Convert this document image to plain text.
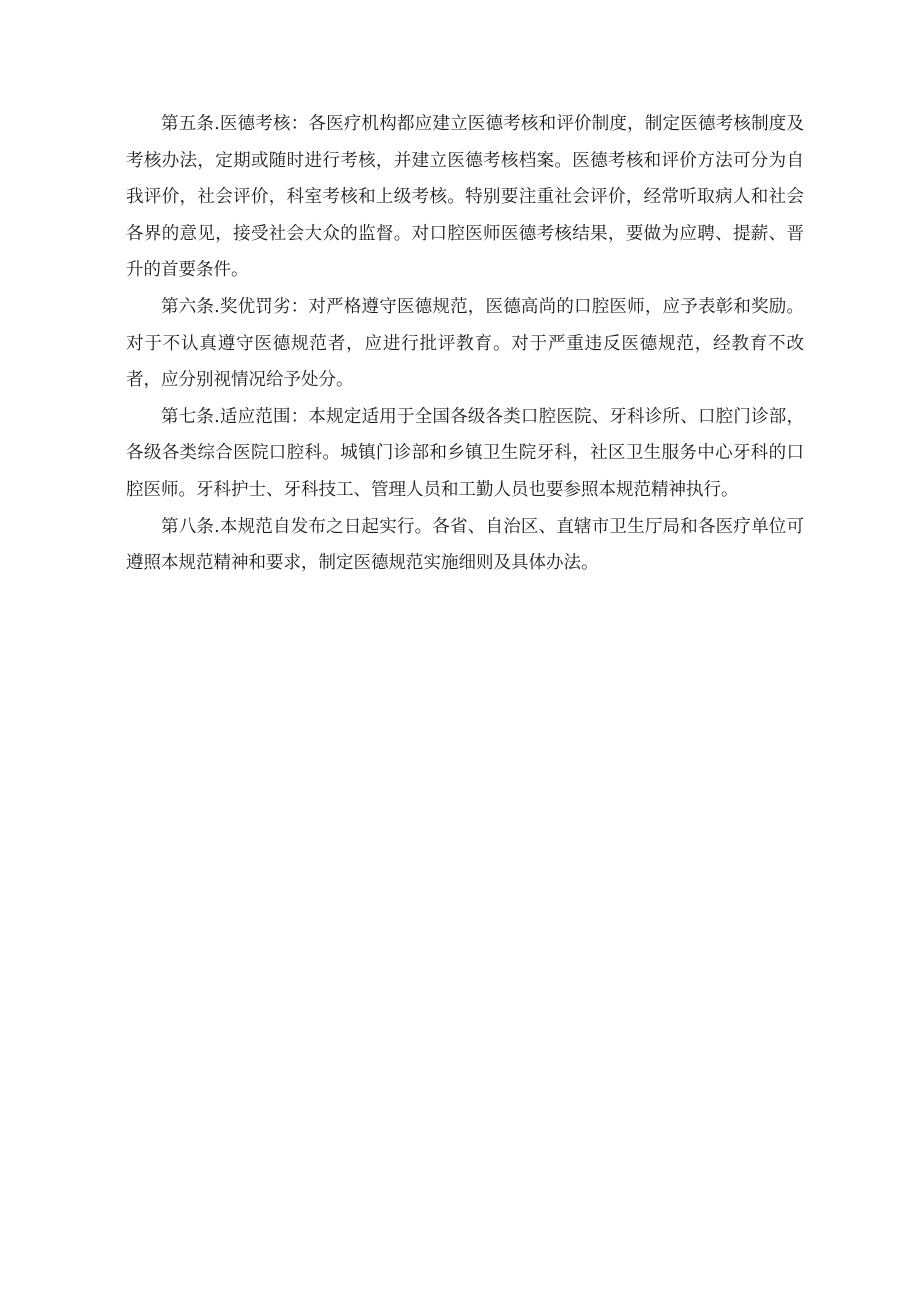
第五条.医德考核：各医疗机构都应建立医德考核和评价制度，制定医德考核制度及考核办法，定期或随时进行考核，并建立医德考核档案。医德考核和评价方法可分为自我评价，社会评价，科室考核和上级考核。特别要注重社会评价，经常听取病人和社会各界的意见，接受社会大众的监督。对口腔医师医德考核结果，要做为应聘、提薪、晋升的首要条件。

第六条.奖优罚劣：对严格遵守医德规范，医德高尚的口腔医师，应予表彰和奖励。对于不认真遵守医德规范者，应进行批评教育。对于严重违反医德规范，经教育不改者，应分别视情况给予处分。

第七条.适应范围：本规定适用于全国各级各类口腔医院、牙科诊所、口腔门诊部，各级各类综合医院口腔科。城镇门诊部和乡镇卫生院牙科，社区卫生服务中心牙科的口腔医师。牙科护士、牙科技工、管理人员和工勤人员也要参照本规范精神执行。

第八条.本规范自发布之日起实行。各省、自治区、直辖市卫生厅局和各医疗单位可遵照本规范精神和要求，制定医德规范实施细则及具体办法。
